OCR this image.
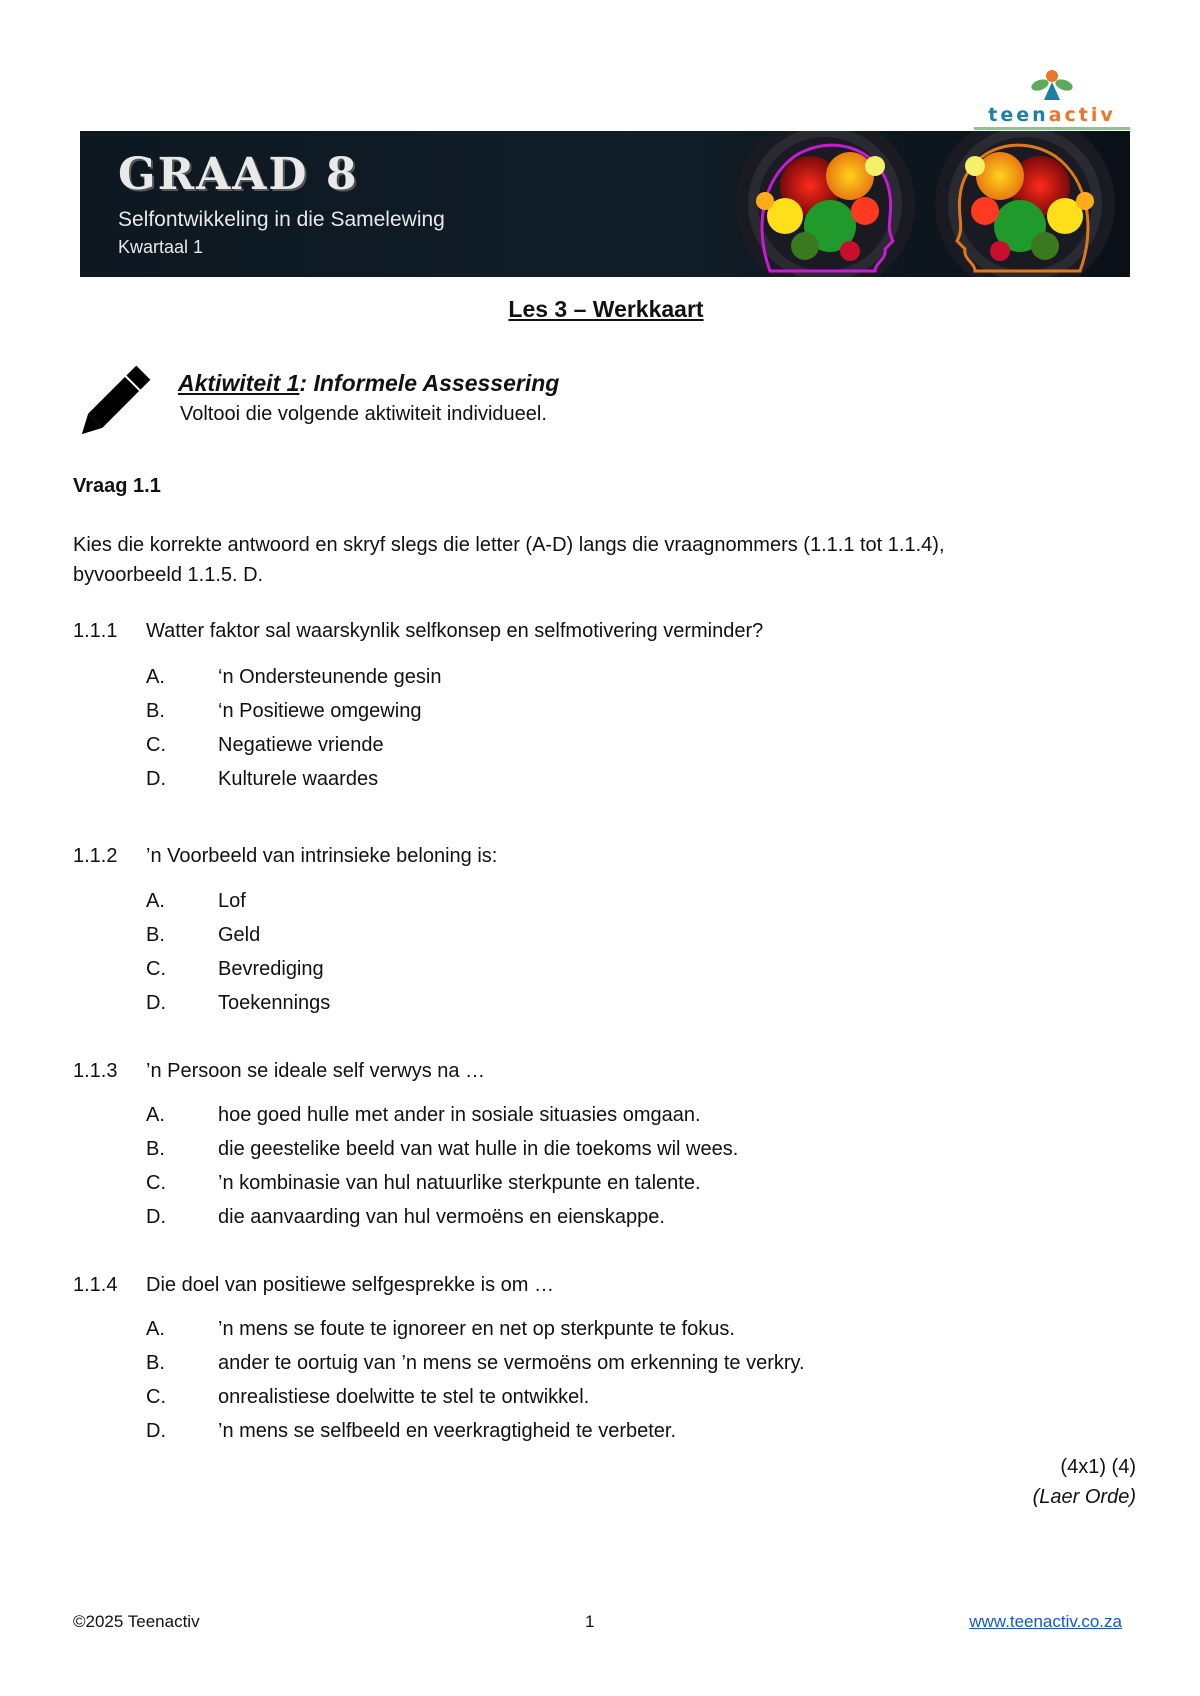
teenactiv
GRAAD 8
Selfontwikkeling in die Samelewing
Kwartaal 1
Les 3 – Werkkaart
Aktiwiteit 1: Informele Assessering
Voltooi die volgende aktiwiteit individueel.
Vraag 1.1
Kies die korrekte antwoord en skryf slegs die letter (A-D) langs die vraagnommers (1.1.1 tot 1.1.4),
byvoorbeeld 1.1.5. D.
1.1.1 Watter faktor sal waarskynlik selfkonsep en selfmotivering verminder?
A.	‘n Ondersteunende gesin
B.	‘n Positiewe omgewing
C.	Negatiewe vriende
D.	Kulturele waardes
1.1.2 ’n Voorbeeld van intrinsieke beloning is:
A.	Lof
B.	Geld
C.	Bevrediging
D.	Toekennings
1.1.3 ’n Persoon se ideale self verwys na …
A.	hoe goed hulle met ander in sosiale situasies omgaan.
B.	die geestelike beeld van wat hulle in die toekoms wil wees.
C.	’n kombinasie van hul natuurlike sterkpunte en talente.
D.	die aanvaarding van hul vermoëns en eienskappe.
1.1.4 Die doel van positiewe selfgesprekke is om …
A.	’n mens se foute te ignoreer en net op sterkpunte te fokus.
B.	ander te oortuig van ’n mens se vermoëns om erkenning te verkry.
C.	onrealistiese doelwitte te stel te ontwikkel.
D.	’n mens se selfbeeld en veerkragtigheid te verbeter.
(4x1) (4)
(Laer Orde)
©2025 Teenactiv	1	www.teenactiv.co.za
